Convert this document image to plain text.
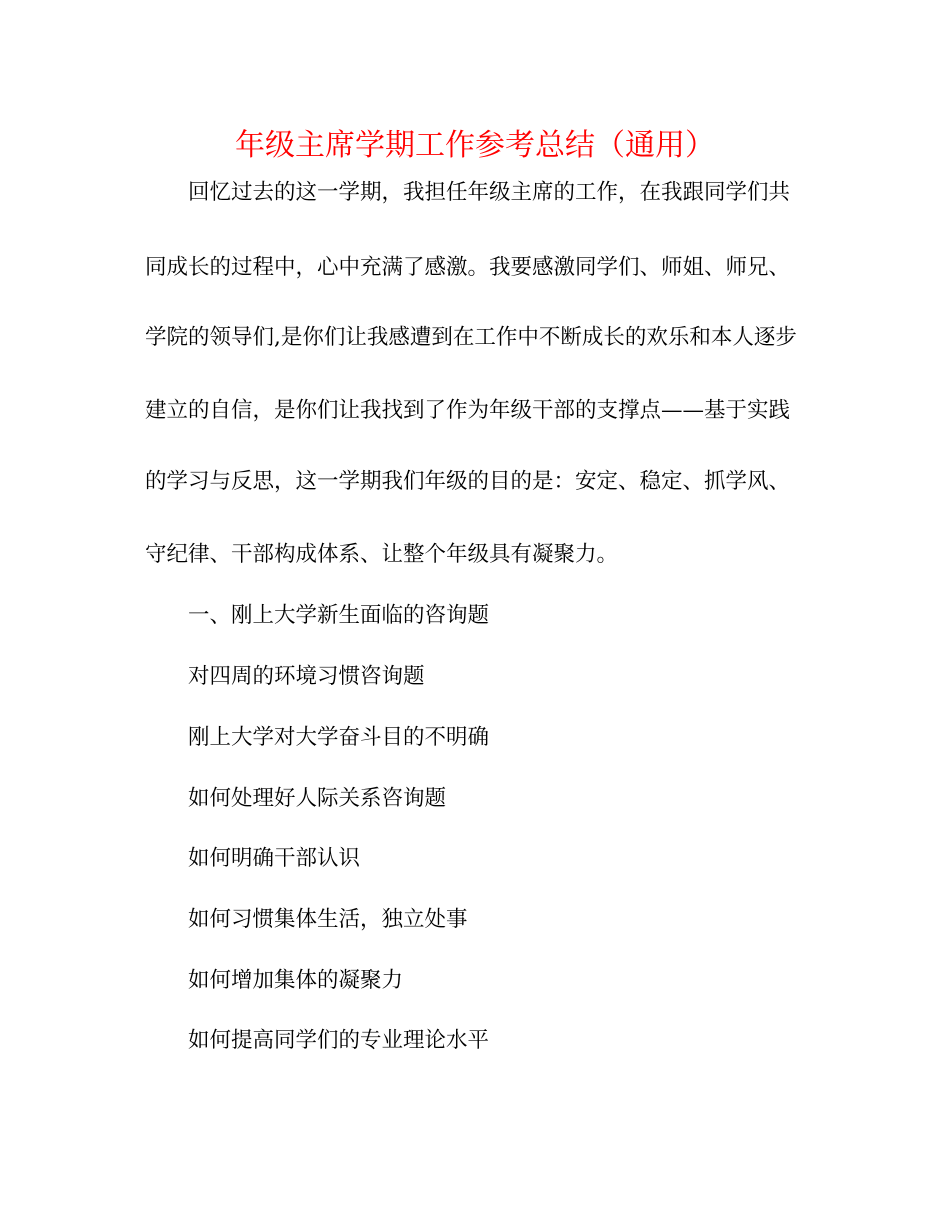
年级主席学期工作参考总结（通用）
回忆过去的这一学期，我担任年级主席的工作，在我跟同学们共
同成长的过程中，心中充满了感激。我要感激同学们、师姐、师兄、
学院的领导们,是你们让我感遭到在工作中不断成长的欢乐和本人逐步
建立的自信，是你们让我找到了作为年级干部的支撑点——基于实践
的学习与反思，这一学期我们年级的目的是：安定、稳定、抓学风、
守纪律、干部构成体系、让整个年级具有凝聚力。
一、刚上大学新生面临的咨询题
对四周的环境习惯咨询题
刚上大学对大学奋斗目的不明确
如何处理好人际关系咨询题
如何明确干部认识
如何习惯集体生活，独立处事
如何增加集体的凝聚力
如何提高同学们的专业理论水平
